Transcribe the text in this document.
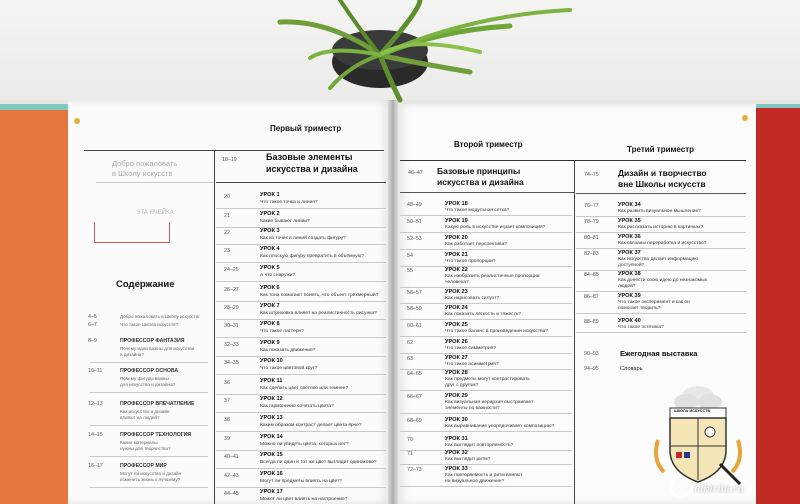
Первый триместр
Добро пожаловать
в Школу искусств
ЭТА ЯЧЕЙКА
18–19	Базовые элементы
искусства и дизайна
Содержание
20	УРОК 1
Что такое точка и линия?
21	УРОК 2
Какие бывают линии?
22	УРОК 3
Как из точек и линий создать фигуру?
23	УРОК 4
Как плоскую фигуру превратить в объёмную?
24–25	УРОК 5
А что снаружи?
26–27	УРОК 6
Как тона помогают понять, что объект трёхмерный?
28–29	УРОК 7
Как штриховка влияет на реалистичность рисунка?
30–31	УРОК 8
Что такое паттерн?
32–33	УРОК 9
Как показать движение?
34–35	УРОК 10
Что такое цветовой круг?
36	УРОК 11
Как сделать цвет светлее или темнее?
37	УРОК 12
Как гармонично сочетать цвета?
38	УРОК 13
Каким образом контраст делает цвета ярче?
39	УРОК 14
Можно ли увидеть цвета, которых нет?
40–41	УРОК 15
Всегда ли один и тот же цвет выглядит одинаково?
42–43	УРОК 16
Могут ли предметы влиять на цвет?
44–45	УРОК 17
Может ли цвет влиять на настроение?
4–5	Добро пожаловать в Школу искусств!
6–7	Что такое Школа искусств?
8–9	ПРОФЕССОР ФАНТАЗИЯ
Почему идеи важны для искусства
и дизайна?
10–11	ПРОФЕССОР ОСНОВА
Почему фигуры важны
для искусства и дизайна?
12–13	ПРОФЕССОР ВПЕЧАТЛЕНИЕ
Как искусство и дизайн
влияют на людей?
14–15	ПРОФЕССОР ТЕХНОЛОГИЯ
Какие материалы
нужны для творчества?
16–17	ПРОФЕССОР МИР
Могут ли искусство и дизайн
изменить жизнь к лучшему?
Второй триместр
Третий триместр
46–47 Базовые принципы
искусства и дизайна
74–75 Дизайн и творчество
вне Школы искусств
48–49	УРОК 18
Что такое модульная сетка?
50–51	УРОК 19
Какую роль в искусстве играет композиция?
52–53	УРОК 20
Как работает перспектива?
54	УРОК 21
Что такое пропорции?
55	УРОК 22
Как изобразить реалистичные пропорции
человека?
56–57	УРОК 23
Как нарисовать силуэт?
58–59	УРОК 24
Как показать лёгкость и тяжесть?
60–61	УРОК 25
Что такое баланс в произведении искусства?
62	УРОК 26
Что такое симметрия?
63	УРОК 27
Что такое асимметрия?
64–65	УРОК 28
Как предметы могут контрастировать
друг с другом?
66–67	УРОК 29
Как визуальная иерархия выстраивает
элементы по важности?
68–69	УРОК 30
Как выравнивание упорядочивает композицию?
70	УРОК 31
Как выглядит повторяемость?
71	УРОК 32
Как выглядит ритм?
72–73	УРОК 33
Как повторяемость и ритм влияют
на визуальное движение?
76–77	УРОК 34
Как развить визуальное мышление?
78–79	УРОК 35
Как рассказать историю в картинках?
80–81	УРОК 36
Как связаны переработка и искусство?
82–83	УРОК 37
Как искусство делает информацию
доступной?
84–85	УРОК 38
Как донести свою идею до незнакомых
людей?
86–87	УРОК 39
Что такое эксперимент и как он
помогает творить?
88–89	УРОК 40
Что такое эстетика?
90–93	Ежегодная выставка
94–95	Словарь
ШКОЛА ИСКУССТВ
labirint.ru
